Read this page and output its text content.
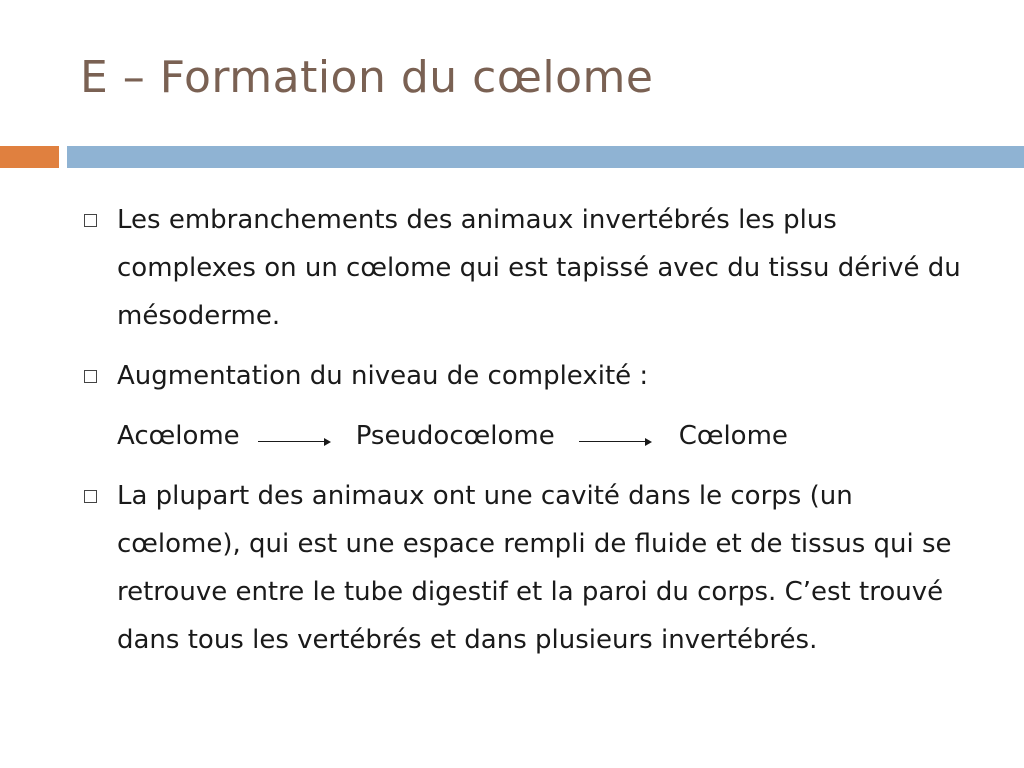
E – Formation du cœlome
Les embranchements des animaux invertébrés les plus complexes on un cœlome qui est tapissé avec du tissu dérivé du mésoderme.
Augmentation du niveau de complexité :
Acœlome	Pseudocœlome	Cœlome
La plupart des animaux ont une cavité dans le corps (un cœlome), qui est une espace rempli de fluide et de tissus qui se retrouve entre le tube digestif et la paroi du corps. C’est trouvé dans tous les vertébrés et dans plusieurs invertébrés.
